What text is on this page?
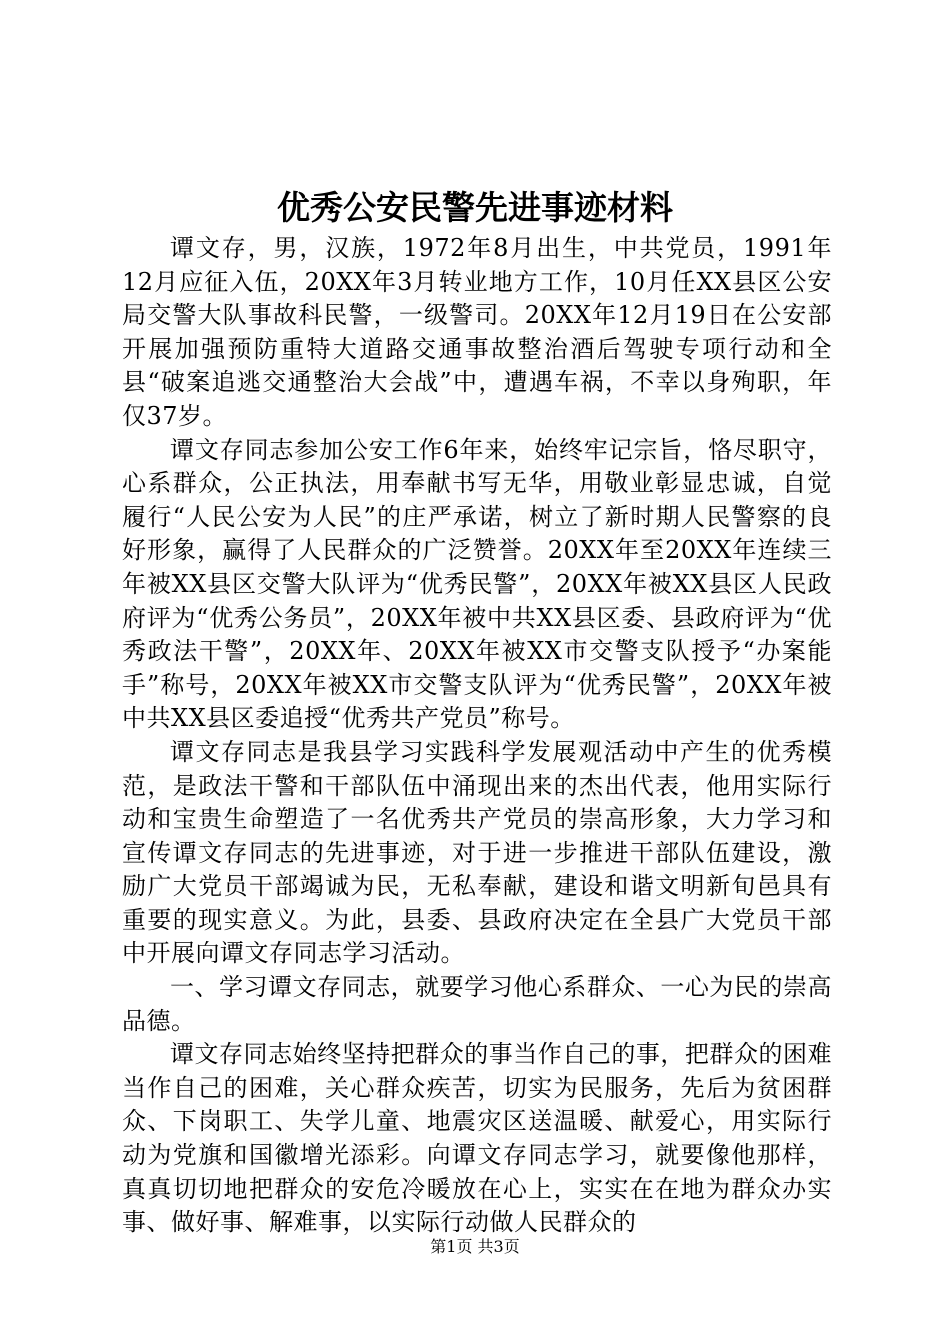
优秀公安民警先进事迹材料

谭文存，男，汉族，1972年8月出生，中共党员，1991年12月应征入伍，20XX年3月转业地方工作，10月任XX县区公安局交警大队事故科民警，一级警司。20XX年12月19日在公安部开展加强预防重特大道路交通事故整治酒后驾驶专项行动和全县“破案追逃交通整治大会战”中，遭遇车祸，不幸以身殉职，年仅37岁。

谭文存同志参加公安工作6年来，始终牢记宗旨，恪尽职守，心系群众，公正执法，用奉献书写无华，用敬业彰显忠诚，自觉履行“人民公安为人民”的庄严承诺，树立了新时期人民警察的良好形象，赢得了人民群众的广泛赞誉。20XX年至20XX年连续三年被XX县区交警大队评为“优秀民警”，20XX年被XX县区人民政府评为“优秀公务员”，20XX年被中共XX县区委、县政府评为“优秀政法干警”，20XX年、20XX年被XX市交警支队授予“办案能手”称号，20XX年被XX市交警支队评为“优秀民警”，20XX年被中共XX县区委追授“优秀共产党员”称号。

谭文存同志是我县学习实践科学发展观活动中产生的优秀模范，是政法干警和干部队伍中涌现出来的杰出代表，他用实际行动和宝贵生命塑造了一名优秀共产党员的崇高形象，大力学习和宣传谭文存同志的先进事迹，对于进一步推进干部队伍建设，激励广大党员干部竭诚为民，无私奉献，建设和谐文明新旬邑具有重要的现实意义。为此，县委、县政府决定在全县广大党员干部中开展向谭文存同志学习活动。

一、学习谭文存同志，就要学习他心系群众、一心为民的崇高品德。

谭文存同志始终坚持把群众的事当作自己的事，把群众的困难当作自己的困难，关心群众疾苦，切实为民服务，先后为贫困群众、下岗职工、失学儿童、地震灾区送温暖、献爱心，用实际行动为党旗和国徽增光添彩。向谭文存同志学习，就要像他那样，真真切切地把群众的安危冷暖放在心上，实实在在地为群众办实事、做好事、解难事，以实际行动做人民群众的

第1页 共3页
